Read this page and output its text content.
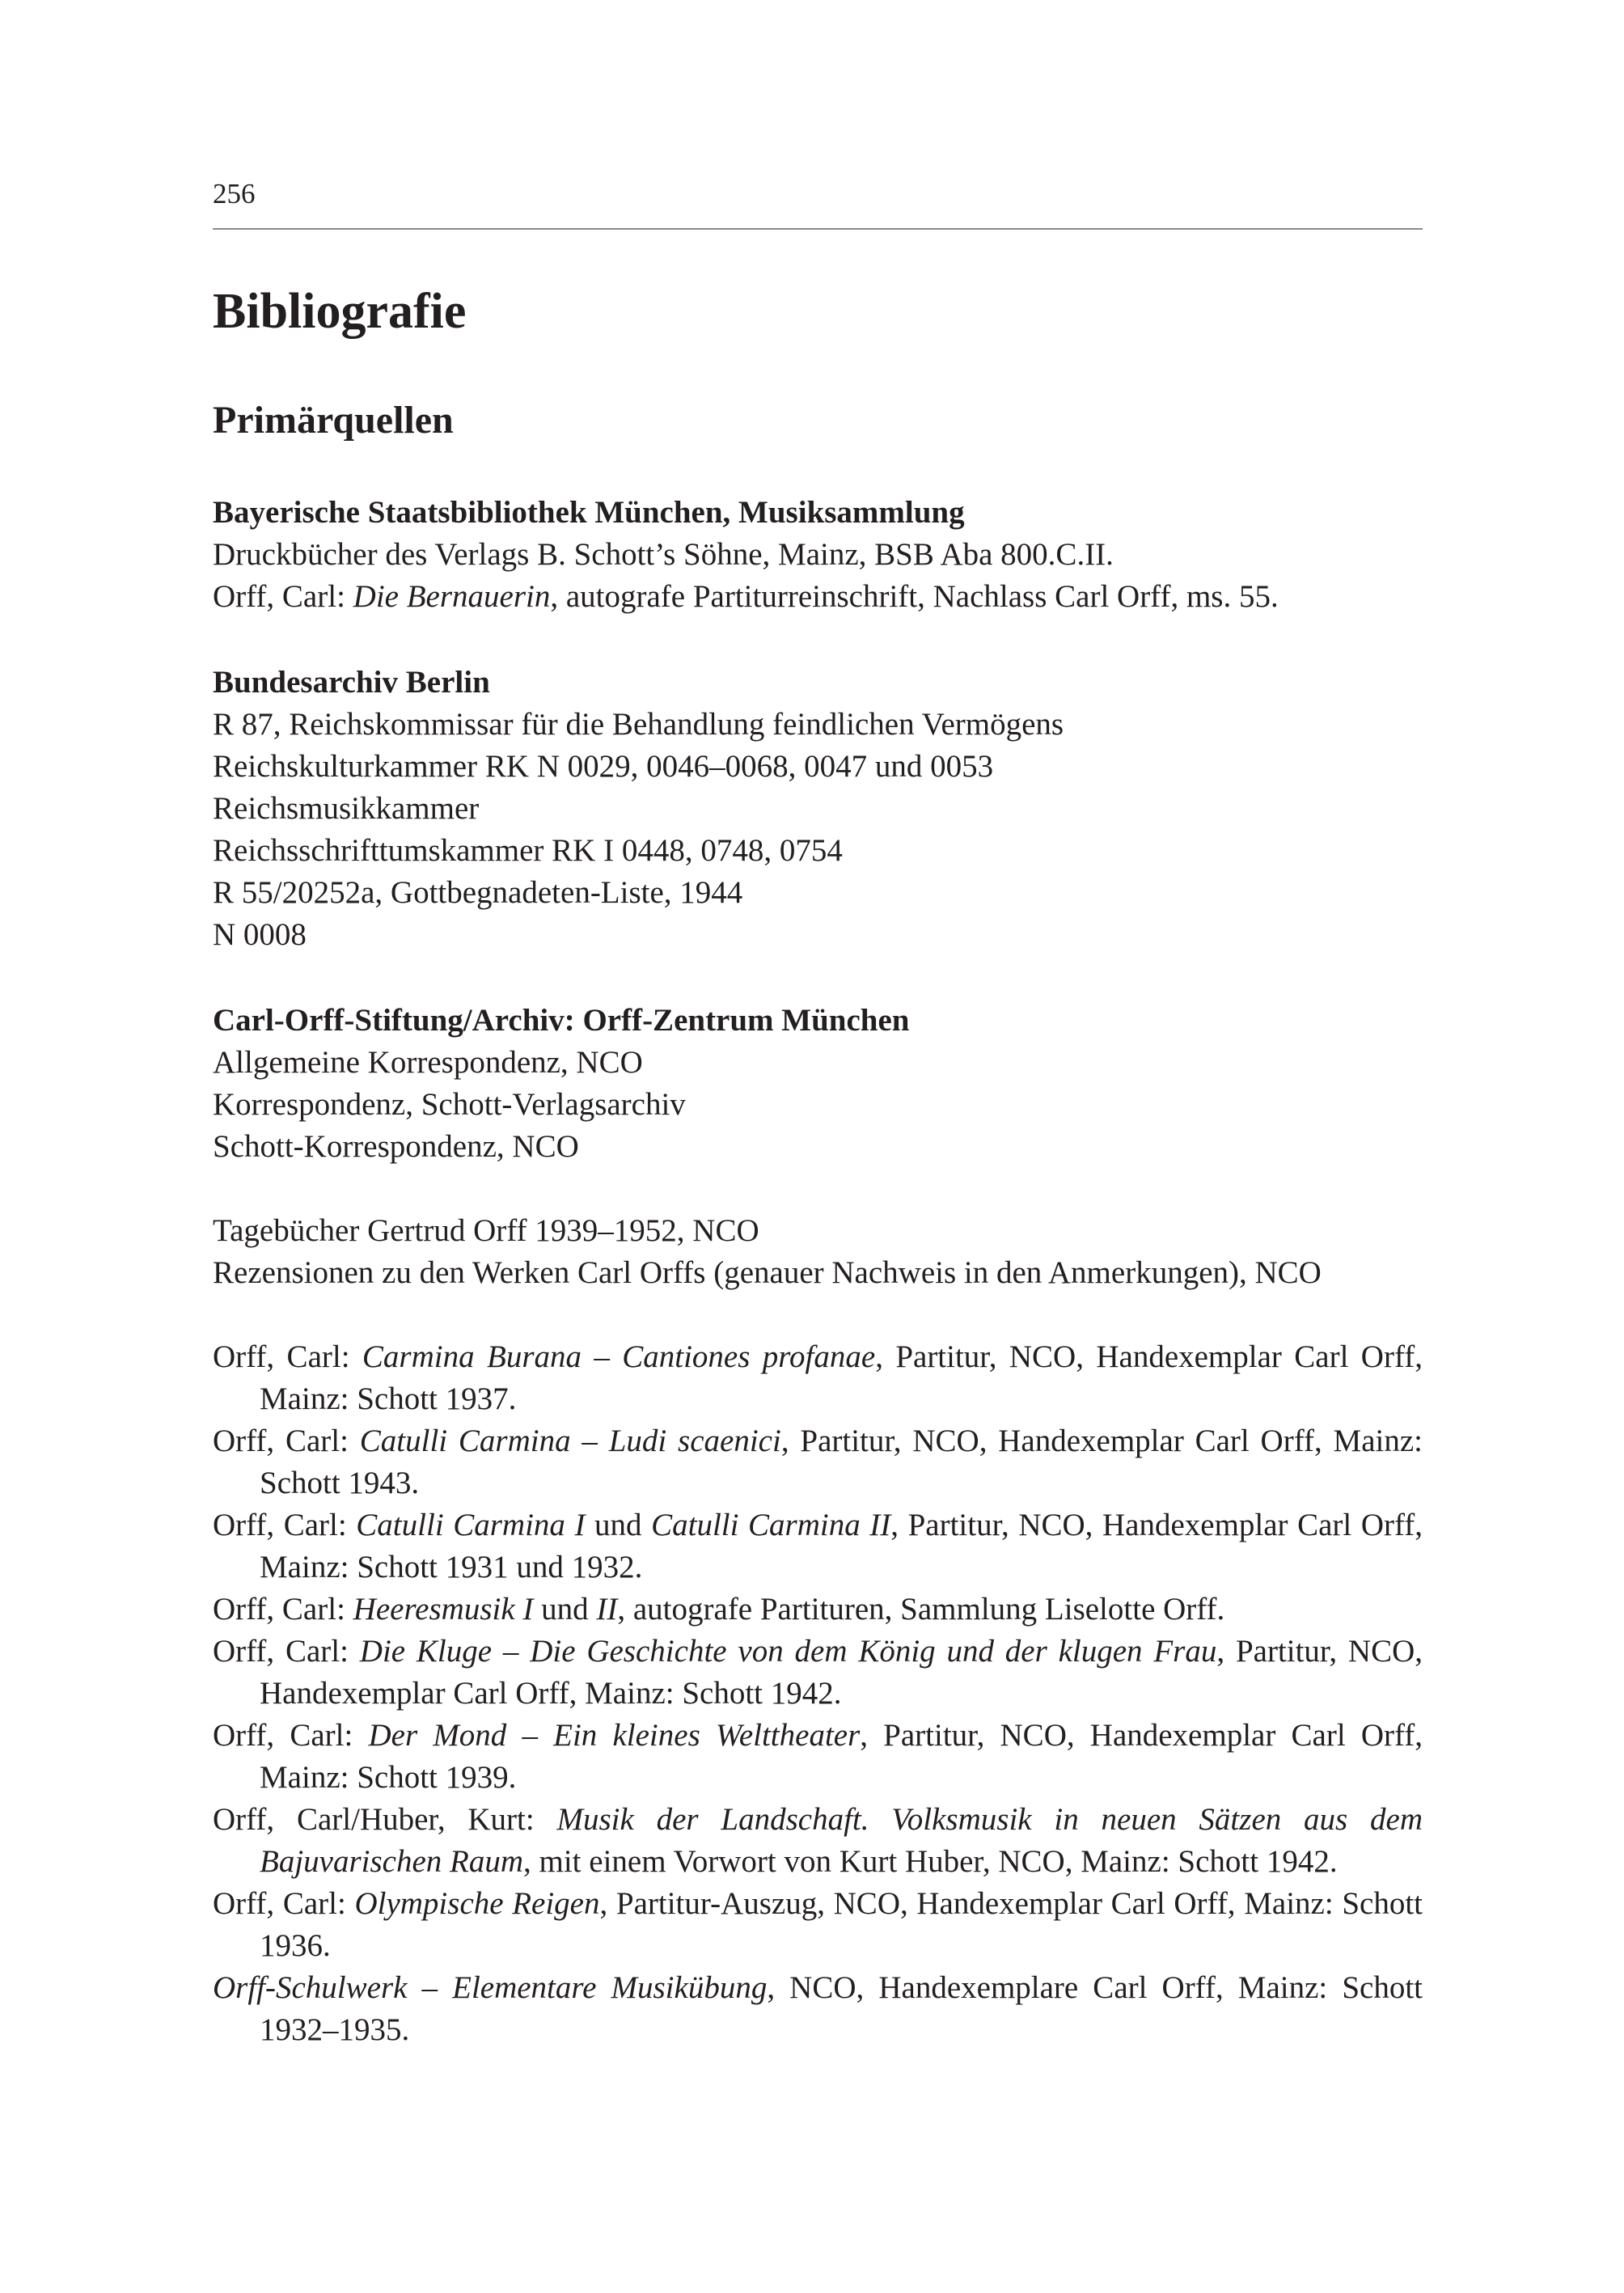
256
Bibliografie
Primärquellen
Bayerische Staatsbibliothek München, Musiksammlung
Druckbücher des Verlags B. Schott’s Söhne, Mainz, BSB Aba 800.C.II.
Orff, Carl: Die Bernauerin, autografe Partiturreinschrift, Nachlass Carl Orff, ms. 55.
Bundesarchiv Berlin
R 87, Reichskommissar für die Behandlung feindlichen Vermögens
Reichskulturkammer RK N 0029, 0046–0068, 0047 und 0053
Reichsmusikkammer
Reichsschrifttumskammer RK I 0448, 0748, 0754
R 55/20252a, Gottbegnadeten-Liste, 1944
N 0008
Carl-Orff-Stiftung/Archiv: Orff-Zentrum München
Allgemeine Korrespondenz, NCO
Korrespondenz, Schott-Verlagsarchiv
Schott-Korrespondenz, NCO
Tagebücher Gertrud Orff 1939–1952, NCO
Rezensionen zu den Werken Carl Orffs (genauer Nachweis in den Anmerkungen), NCO
Orff, Carl: Carmina Burana – Cantiones profanae, Partitur, NCO, Handexemplar Carl Orff, Mainz: Schott 1937.
Orff, Carl: Catulli Carmina – Ludi scaenici, Partitur, NCO, Handexemplar Carl Orff, Mainz: Schott 1943.
Orff, Carl: Catulli Carmina I und Catulli Carmina II, Partitur, NCO, Handexemplar Carl Orff, Mainz: Schott 1931 und 1932.
Orff, Carl: Heeresmusik I und II, autografe Partituren, Sammlung Liselotte Orff.
Orff, Carl: Die Kluge – Die Geschichte von dem König und der klugen Frau, Partitur, NCO, Handexemplar Carl Orff, Mainz: Schott 1942.
Orff, Carl: Der Mond – Ein kleines Welttheater, Partitur, NCO, Handexemplar Carl Orff, Mainz: Schott 1939.
Orff, Carl/Huber, Kurt: Musik der Landschaft. Volksmusik in neuen Sätzen aus dem Bajuvarischen Raum, mit einem Vorwort von Kurt Huber, NCO, Mainz: Schott 1942.
Orff, Carl: Olympische Reigen, Partitur-Auszug, NCO, Handexemplar Carl Orff, Mainz: Schott 1936.
Orff-Schulwerk – Elementare Musikübung, NCO, Handexemplare Carl Orff, Mainz: Schott 1932–1935.
